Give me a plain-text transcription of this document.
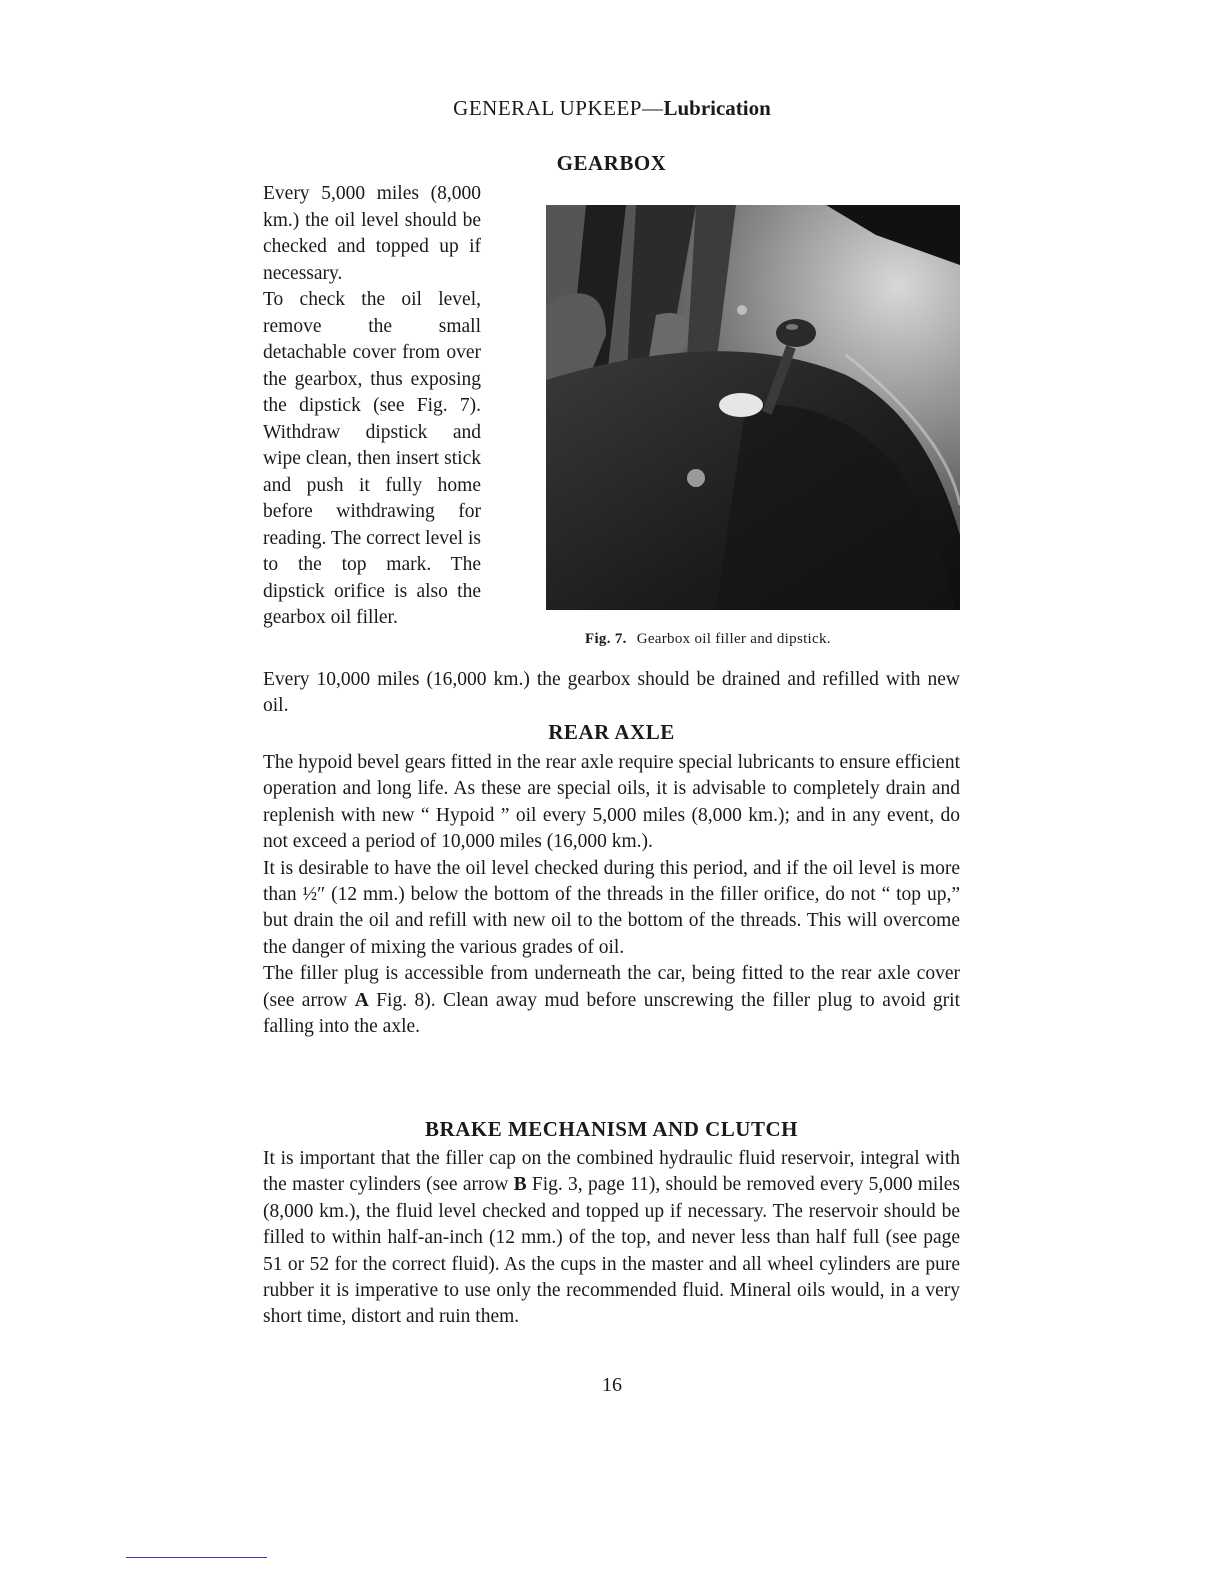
GENERAL UPKEEP—Lubrication
GEARBOX

Every 5,000 miles (8,000 km.) the oil level should be checked and topped up if necessary.

To check the oil level, remove the small detachable cover from over the gearbox, thus exposing the dipstick (see Fig. 7). Withdraw dipstick and wipe clean, then insert stick and push it fully home before withdrawing for reading. The correct level is to the top mark. The dipstick orifice is also the gearbox oil filler.

Fig. 7. Gearbox oil filler and dipstick.

Every 10,000 miles (16,000 km.) the gearbox should be drained and refilled with new oil.

REAR AXLE

The hypoid bevel gears fitted in the rear axle require special lubricants to ensure efficient operation and long life. As these are special oils, it is advisable to completely drain and replenish with new “ Hypoid ” oil every 5,000 miles (8,000 km.); and in any event, do not exceed a period of 10,000 miles (16,000 km.).

It is desirable to have the oil level checked during this period, and if the oil level is more than ½″ (12 mm.) below the bottom of the threads in the filler orifice, do not “ top up,” but drain the oil and refill with new oil to the bottom of the threads. This will overcome the danger of mixing the various grades of oil.

The filler plug is accessible from underneath the car, being fitted to the rear axle cover (see arrow A Fig. 8). Clean away mud before unscrewing the filler plug to avoid grit falling into the axle.

BRAKE MECHANISM AND CLUTCH

It is important that the filler cap on the combined hydraulic fluid reservoir, integral with the master cylinders (see arrow B Fig. 3, page 11), should be removed every 5,000 miles (8,000 km.), the fluid level checked and topped up if necessary. The reservoir should be filled to within half-an-inch (12 mm.) of the top, and never less than half full (see page 51 or 52 for the correct fluid). As the cups in the master and all wheel cylinders are pure rubber it is imperative to use only the recommended fluid. Mineral oils would, in a very short time, distort and ruin them.

16
